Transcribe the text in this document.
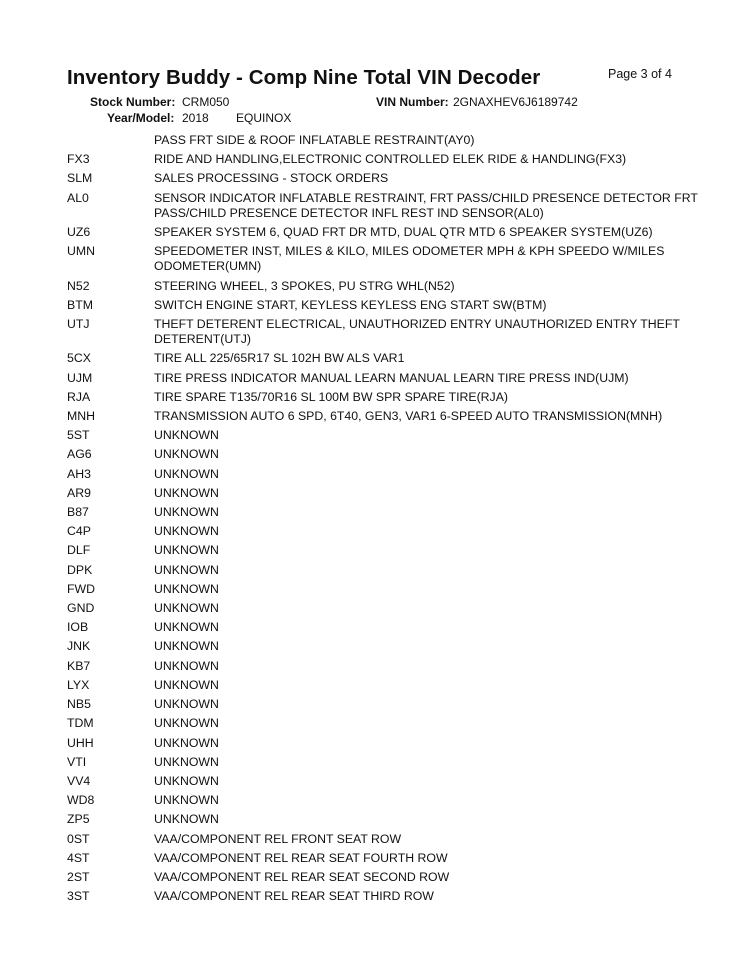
Inventory Buddy - Comp Nine Total VIN Decoder	Page 3 of 4
Stock Number: CRM050	VIN Number: 2GNAXHEV6J6189742
Year/Model: 2018 EQUINOX
PASS FRT SIDE & ROOF INFLATABLE RESTRAINT(AY0)
FX3	RIDE AND HANDLING,ELECTRONIC CONTROLLED ELEK RIDE & HANDLING(FX3)
SLM	SALES PROCESSING - STOCK ORDERS
AL0	SENSOR INDICATOR INFLATABLE RESTRAINT, FRT PASS/CHILD PRESENCE DETECTOR FRT PASS/CHILD PRESENCE DETECTOR INFL REST IND SENSOR(AL0)
UZ6	SPEAKER SYSTEM 6, QUAD FRT DR MTD, DUAL QTR MTD 6 SPEAKER SYSTEM(UZ6)
UMN	SPEEDOMETER INST, MILES & KILO, MILES ODOMETER MPH & KPH SPEEDO W/MILES ODOMETER(UMN)
N52	STEERING WHEEL, 3 SPOKES, PU STRG WHL(N52)
BTM	SWITCH ENGINE START, KEYLESS KEYLESS ENG START SW(BTM)
UTJ	THEFT DETERENT ELECTRICAL, UNAUTHORIZED ENTRY UNAUTHORIZED ENTRY THEFT DETERENT(UTJ)
5CX	TIRE ALL 225/65R17 SL 102H BW ALS VAR1
UJM	TIRE PRESS INDICATOR MANUAL LEARN MANUAL LEARN TIRE PRESS IND(UJM)
RJA	TIRE SPARE T135/70R16 SL 100M BW SPR SPARE TIRE(RJA)
MNH	TRANSMISSION AUTO 6 SPD, 6T40, GEN3, VAR1 6-SPEED AUTO TRANSMISSION(MNH)
5ST	UNKNOWN
AG6	UNKNOWN
AH3	UNKNOWN
AR9	UNKNOWN
B87	UNKNOWN
C4P	UNKNOWN
DLF	UNKNOWN
DPK	UNKNOWN
FWD	UNKNOWN
GND	UNKNOWN
IOB	UNKNOWN
JNK	UNKNOWN
KB7	UNKNOWN
LYX	UNKNOWN
NB5	UNKNOWN
TDM	UNKNOWN
UHH	UNKNOWN
VTI	UNKNOWN
VV4	UNKNOWN
WD8	UNKNOWN
ZP5	UNKNOWN
0ST	VAA/COMPONENT REL FRONT SEAT ROW
4ST	VAA/COMPONENT REL REAR SEAT FOURTH ROW
2ST	VAA/COMPONENT REL REAR SEAT SECOND ROW
3ST	VAA/COMPONENT REL REAR SEAT THIRD ROW
